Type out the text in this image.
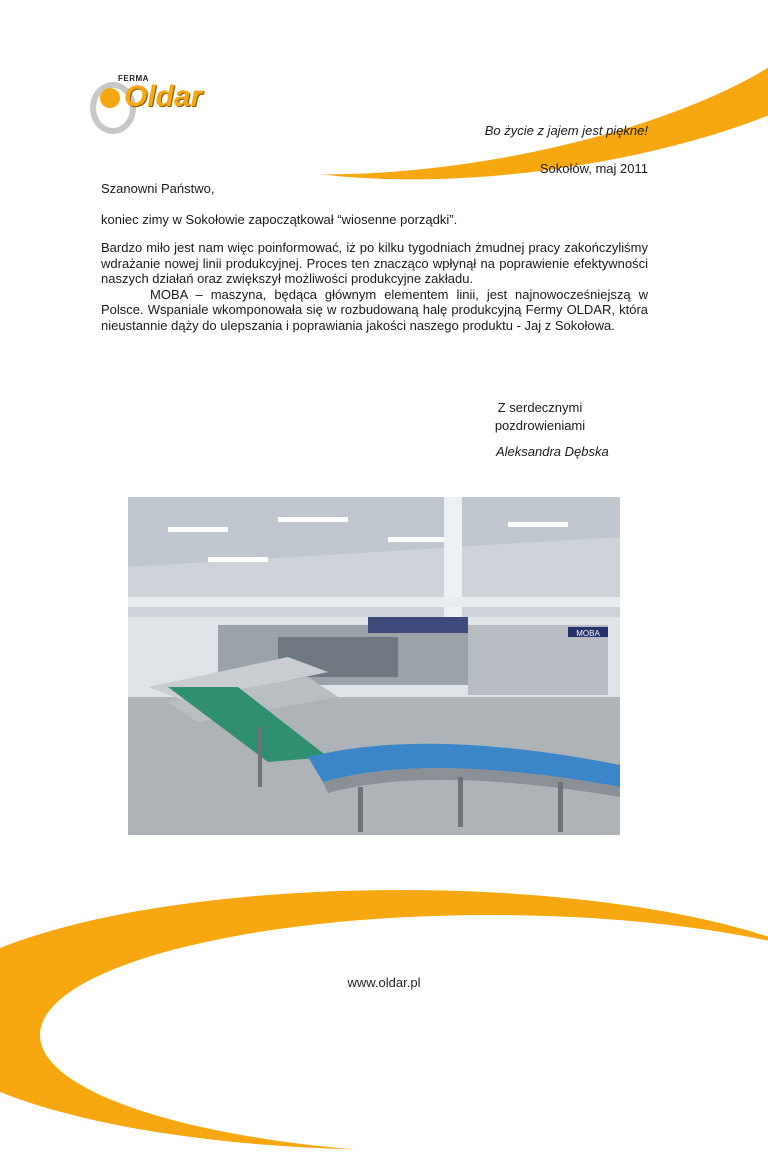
FERMA
Oldar
Bo życie z jajem jest piękne!
Sokołów, maj 2011
Szanowni Państwo,
koniec zimy w Sokołowie zapoczątkował “wiosenne porządki”.

Bardzo miło jest nam więc poinformować, iż po kilku tygodniach żmudnej pracy zakończyliśmy wdrażanie nowej linii produkcyjnej. Proces ten znacząco wpłynął na poprawienie efektywności naszych działań oraz zwiększył możliwości produkcyjne zakładu.

MOBA – maszyna, będąca głównym elementem linii, jest najnowocześniejszą w Polsce. Wspaniale wkomponowała się w rozbudowaną halę produkcyjną Fermy OLDAR, która nieustannie dąży do ulepszania i poprawiania jakości naszego produktu - Jaj z Sokołowa.

Z serdecznymi
pozdrowieniami
Aleksandra Dębska
MOBA
www.oldar.pl
